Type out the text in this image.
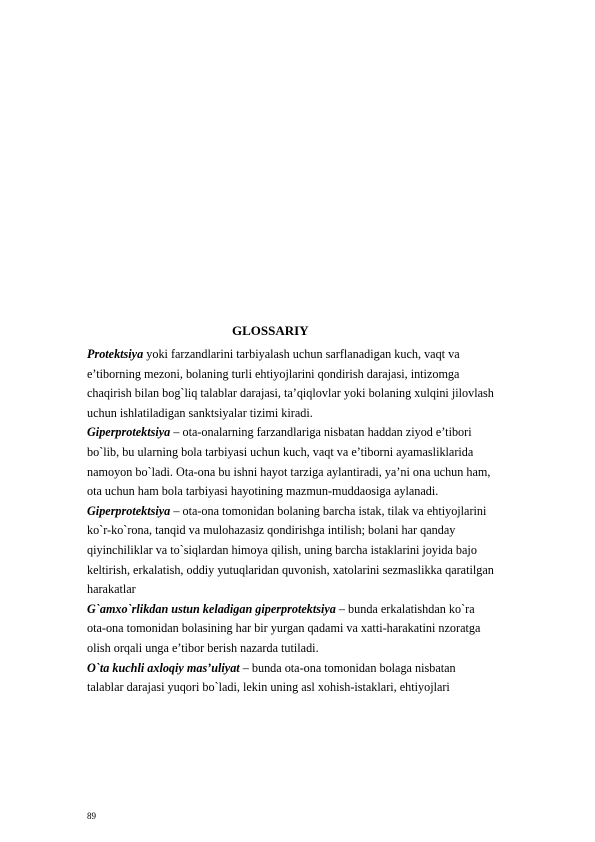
GLOSSARIY
Protektsiya yoki farzandlarini tarbiyalash uchun sarflanadigan kuch, vaqt va
e’tiborning mezoni, bolaning turli ehtiyojlarini qondirish darajasi, intizomga
chaqirish bilan bog`liq talablar darajasi, ta’qiqlovlar yoki bolaning xulqini jilovlash
uchun ishlatiladigan sanktsiyalar tizimi kiradi.
Giperprotektsiya – ota-onalarning farzandlariga nisbatan haddan ziyod e’tibori
bo`lib, bu ularning bola tarbiyasi uchun kuch, vaqt va e’tiborni ayamasliklarida
namoyon bo`ladi. Ota-ona bu ishni hayot tarziga aylantiradi, ya’ni ona uchun ham,
ota uchun ham bola tarbiyasi hayotining mazmun-muddaosiga aylanadi.
Giperprotektsiya – ota-ona tomonidan bolaning barcha istak, tilak va ehtiyojlarini
ko`r-ko`rona, tanqid va mulohazasiz qondirishga intilish; bolani har qanday
qiyinchiliklar va to`siqlardan himoya qilish, uning barcha istaklarini joyida bajo
keltirish, erkalatish, oddiy yutuqlaridan quvonish, xatolarini sezmaslikka qaratilgan
harakatlar
G`amxo`rlikdan ustun keladigan giperprotektsiya – bunda erkalatishdan ko`ra
ota-ona tomonidan bolasining har bir yurgan qadami va xatti-harakatini nzoratga
olish orqali unga e’tibor berish nazarda tutiladi.
O`ta kuchli axloqiy mas’uliyat – bunda ota-ona tomonidan bolaga nisbatan
talablar darajasi yuqori bo`ladi, lekin uning asl xohish-istaklari, ehtiyojlari
89
